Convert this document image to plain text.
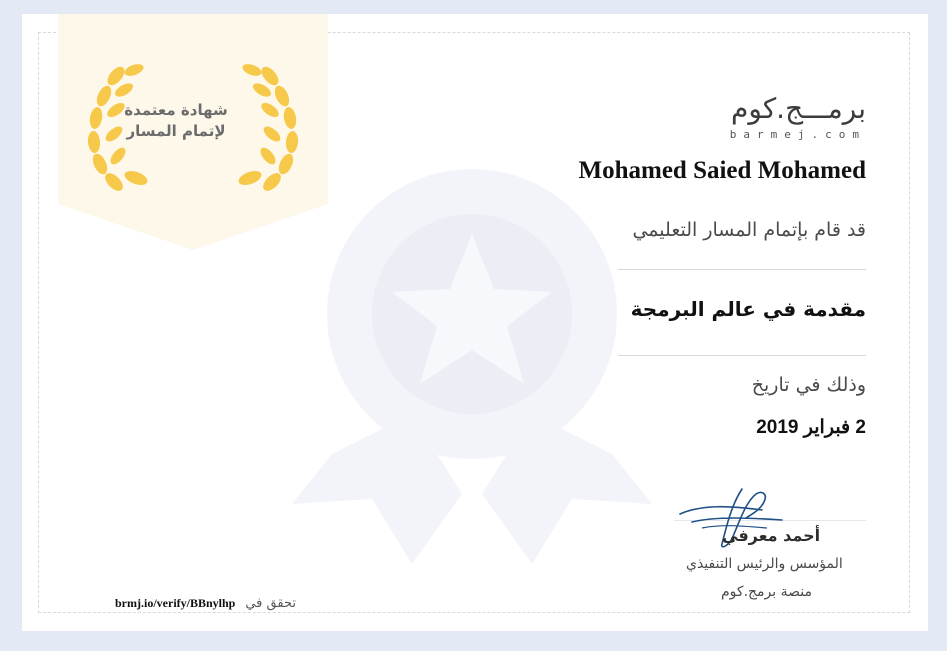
شهادة معتمدة
لإتمام المسار
برمـــج.كوم
barmej.com
Mohamed Saied Mohamed
قد قام بإتمام المسار التعليمي
مقدمة في عالم البرمجة
وذلك في تاريخ
2 فبراير 2019
أحمد معرفي
المؤسس والرئيس التنفيذي
منصة برمج.كوم
brmj.io/verify/BBnylhp تحقق في
